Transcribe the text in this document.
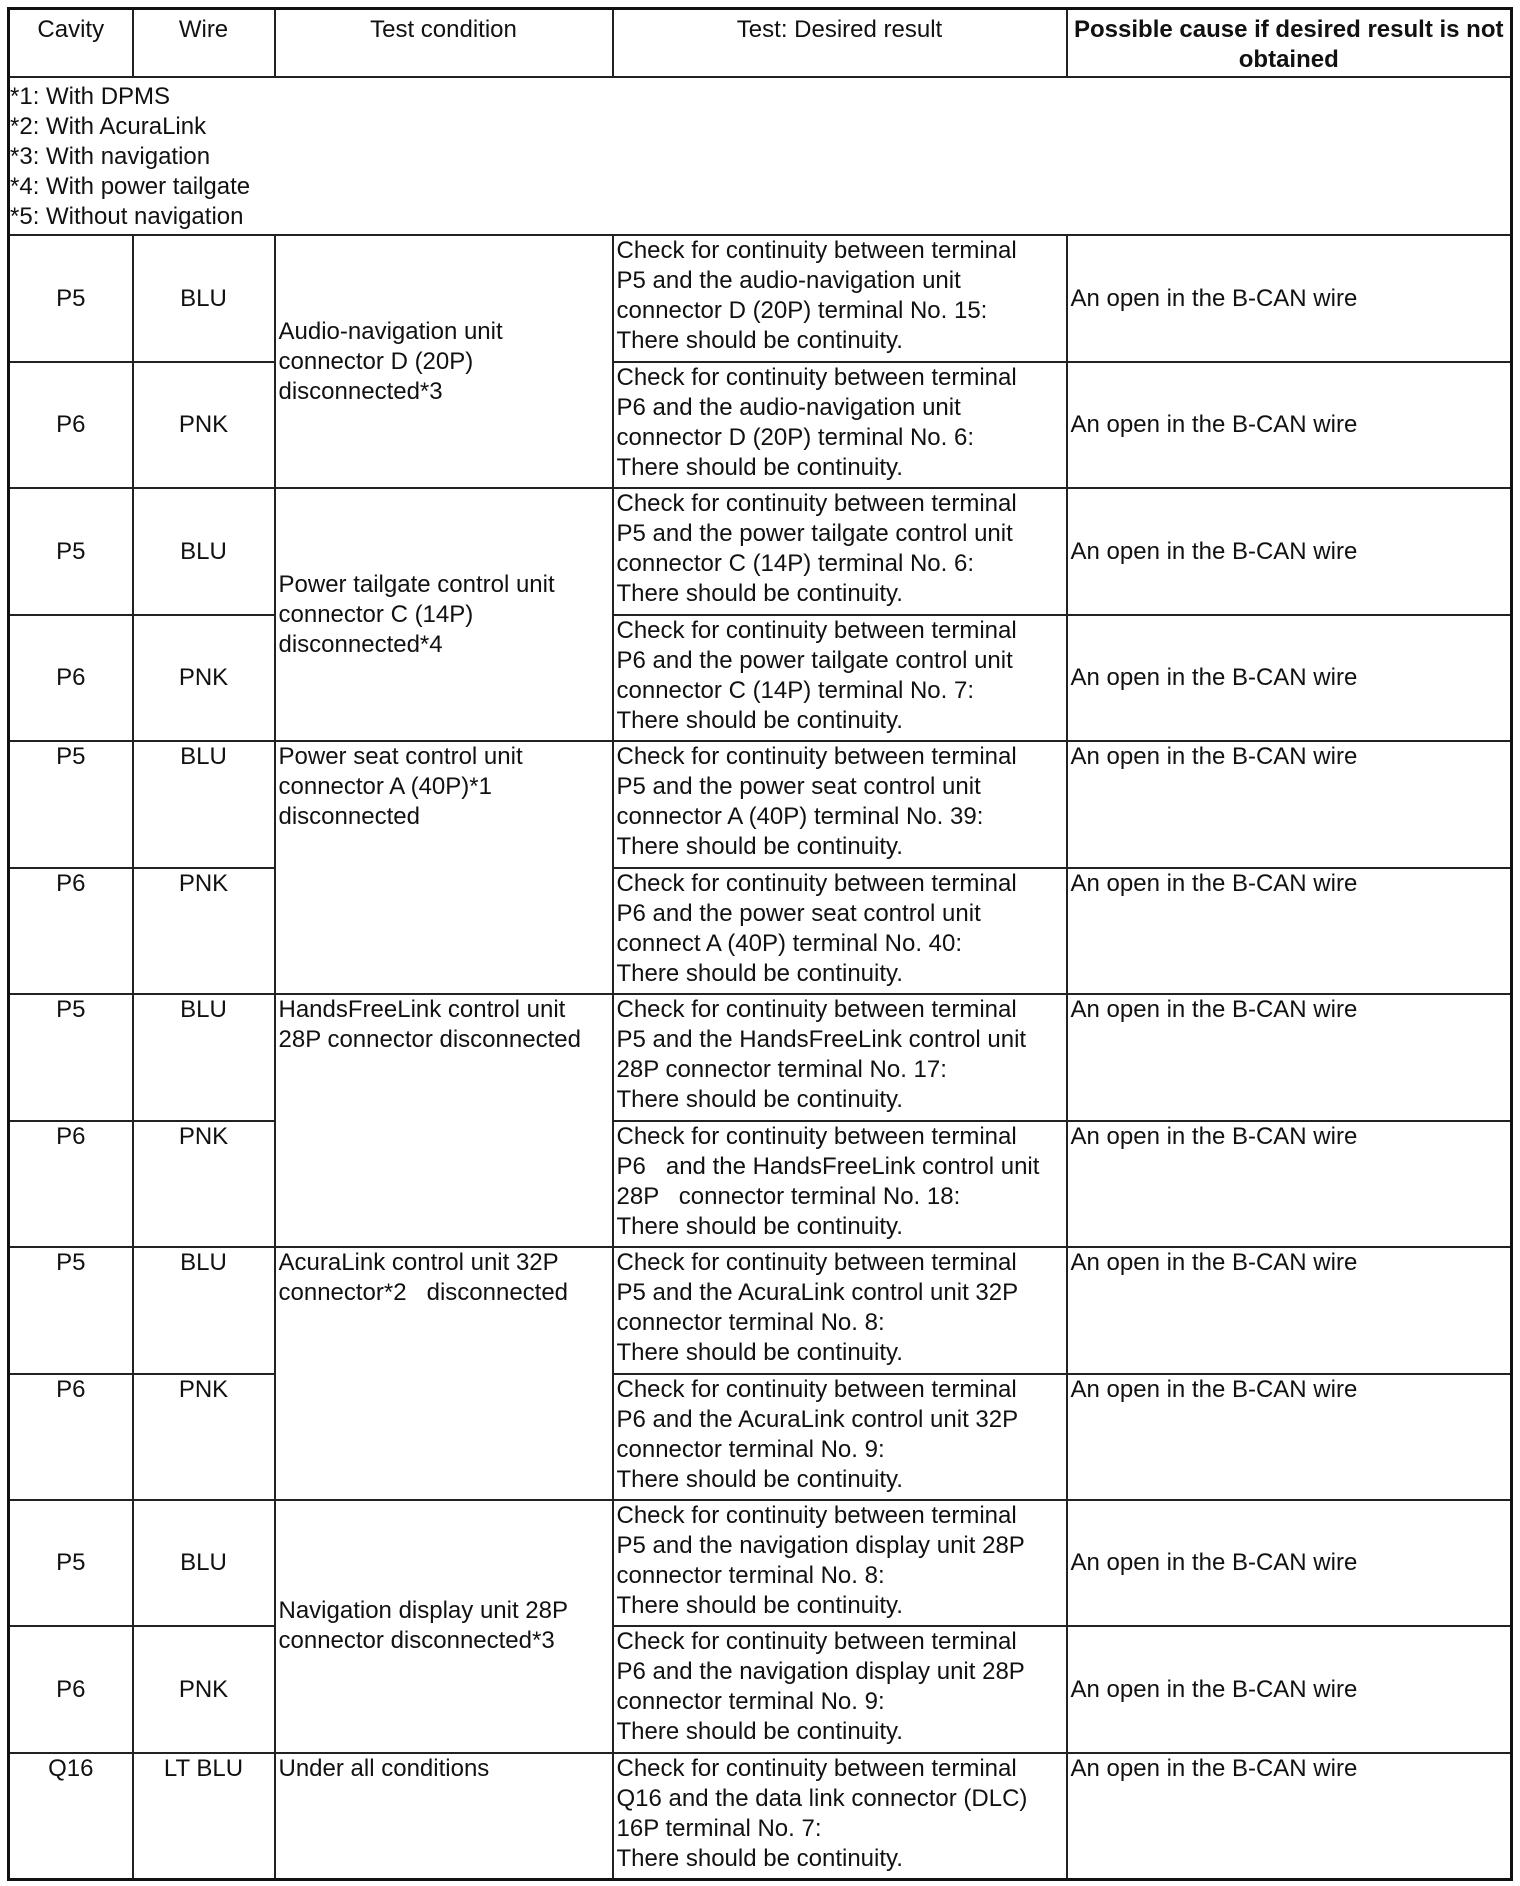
Cavity	Wire	Test condition	Test: Desired result	Possible cause if desired result is not obtained

*1: With DPMS
*2: With AcuraLink
*3: With navigation
*4: With power tailgate
*5: Without navigation				

P5	BLU	Audio-navigation unit
connector D (20P)
disconnected*3	Check for continuity between terminal
P5 and the audio-navigation unit
connector D (20P) terminal No. 15:
There should be continuity.	An open in the B-CAN wire
P6	PNK		Check for continuity between terminal
P6 and the audio-navigation unit
connector D (20P) terminal No. 6:
There should be continuity.	An open in the B-CAN wire
P5	BLU	Power tailgate control unit
connector C (14P)
disconnected*4	Check for continuity between terminal
P5 and the power tailgate control unit
connector C (14P) terminal No. 6:
There should be continuity.	An open in the B-CAN wire
P6	PNK		Check for continuity between terminal
P6 and the power tailgate control unit
connector C (14P) terminal No. 7:
There should be continuity.	An open in the B-CAN wire
P5	BLU	Power seat control unit
connector A (40P)*1
disconnected	Check for continuity between terminal
P5 and the power seat control unit
connector A (40P) terminal No. 39:
There should be continuity.	An open in the B-CAN wire
P6	PNK		Check for continuity between terminal
P6 and the power seat control unit
connect A (40P) terminal No. 40:
There should be continuity.	An open in the B-CAN wire
P5	BLU	HandsFreeLink control unit
28P connector disconnected	Check for continuity between terminal
P5 and the HandsFreeLink control unit
28P connector terminal No. 17:
There should be continuity.	An open in the B-CAN wire
P6	PNK		Check for continuity between terminal
P6   and the HandsFreeLink control unit
28P   connector terminal No. 18:
There should be continuity.	An open in the B-CAN wire
P5	BLU	AcuraLink control unit 32P
connector*2   disconnected	Check for continuity between terminal
P5 and the AcuraLink control unit 32P
connector terminal No. 8:
There should be continuity.	An open in the B-CAN wire
P6	PNK		Check for continuity between terminal
P6 and the AcuraLink control unit 32P
connector terminal No. 9:
There should be continuity.	An open in the B-CAN wire
P5	BLU	Navigation display unit 28P
connector disconnected*3	Check for continuity between terminal
P5 and the navigation display unit 28P
connector terminal No. 8:
There should be continuity.	An open in the B-CAN wire
P6	PNK		Check for continuity between terminal
P6 and the navigation display unit 28P
connector terminal No. 9:
There should be continuity.	An open in the B-CAN wire
Q16	LT BLU	Under all conditions	Check for continuity between terminal
Q16 and the data link connector (DLC)
16P terminal No. 7:
There should be continuity.	An open in the B-CAN wire
